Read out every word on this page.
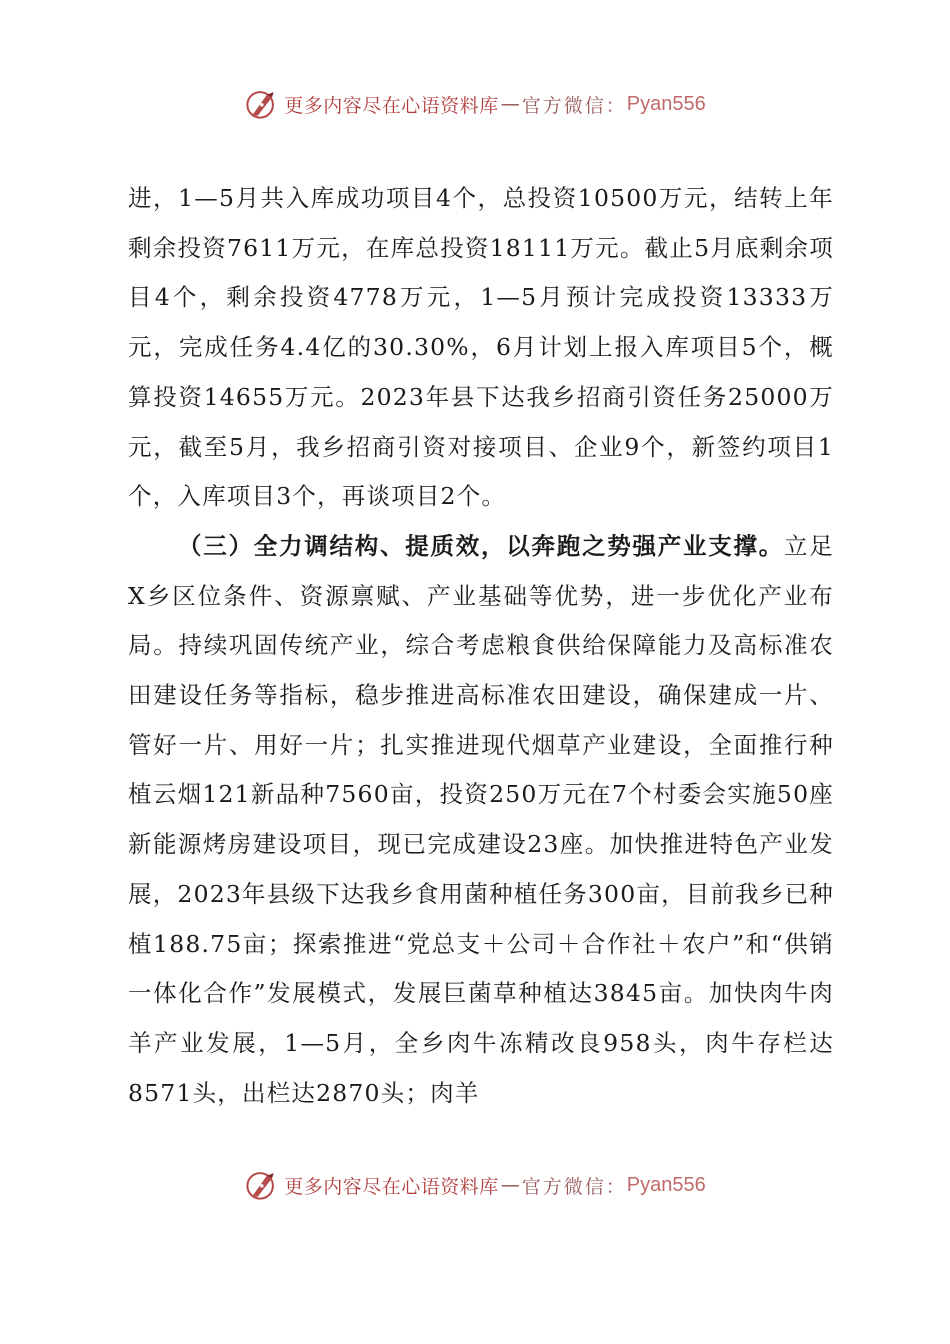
更多内容尽在心语资料库 — 官方微信： Pyan556

进，1—5月共入库成功项目4个，总投资10500万元，结转上年剩余投资7611万元，在库总投资18111万元。截止5月底剩余项目4个，剩余投资4778万元，1—5月预计完成投资13333万元，完成任务4.4亿的30.30%，6月计划上报入库项目5个，概算投资14655万元。2023年县下达我乡招商引资任务25000万元，截至5月，我乡招商引资对接项目、企业9个，新签约项目1个，入库项目3个，再谈项目2个。

（三）全力调结构、提质效，以奔跑之势强产业支撑。立足X乡区位条件、资源禀赋、产业基础等优势，进一步优化产业布局。持续巩固传统产业，综合考虑粮食供给保障能力及高标准农田建设任务等指标，稳步推进高标准农田建设，确保建成一片、管好一片、用好一片；扎实推进现代烟草产业建设，全面推行种植云烟121新品种7560亩，投资250万元在7个村委会实施50座新能源烤房建设项目，现已完成建设23座。加快推进特色产业发展，2023年县级下达我乡食用菌种植任务300亩，目前我乡已种植188.75亩；探索推进“党总支＋公司＋合作社＋农户”和“供销一体化合作”发展模式，发展巨菌草种植达3845亩。加快肉牛肉羊产业发展，1—5月，全乡肉牛冻精改良958头，肉牛存栏达8571头，出栏达2870头；肉羊

更多内容尽在心语资料库 — 官方微信： Pyan556
